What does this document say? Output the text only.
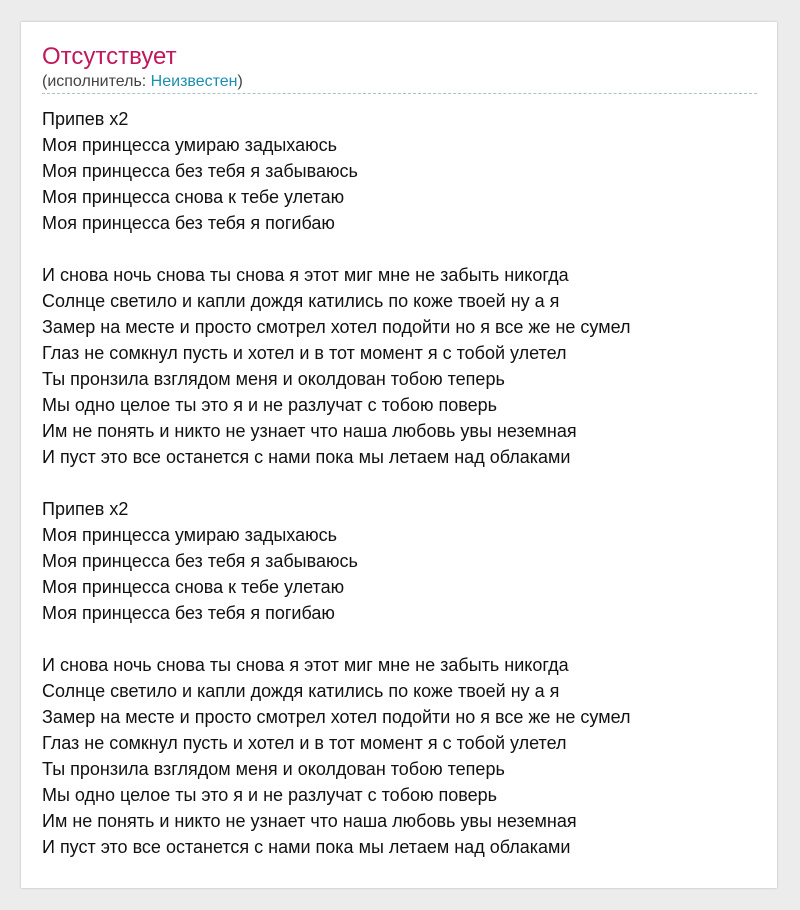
Отсутствует
(исполнитель: Неизвестен)
Припев x2
Моя принцесса умираю задыхаюсь
Моя принцесса без тебя я забываюсь
Моя принцесса снова к тебе улетаю
Моя принцесса без тебя я погибаю
И снова ночь снова ты снова я этот миг мне не забыть никогда
Солнце светило и капли дождя катились по коже твоей ну а я
Замер на месте и просто смотрел хотел подойти но я все же не сумел
Глаз не сомкнул пусть и хотел и в тот момент я с тобой улетел
Ты пронзила взглядом меня и околдован тобою теперь
Мы одно целое ты это я и не разлучат с тобою поверь
Им не понять и никто не узнает что наша любовь увы неземная
И пуст это все останется с нами пока мы летаем над облаками
Припев x2
Моя принцесса умираю задыхаюсь
Моя принцесса без тебя я забываюсь
Моя принцесса снова к тебе улетаю
Моя принцесса без тебя я погибаю
И снова ночь снова ты снова я этот миг мне не забыть никогда
Солнце светило и капли дождя катились по коже твоей ну а я
Замер на месте и просто смотрел хотел подойти но я все же не сумел
Глаз не сомкнул пусть и хотел и в тот момент я с тобой улетел
Ты пронзила взглядом меня и околдован тобою теперь
Мы одно целое ты это я и не разлучат с тобою поверь
Им не понять и никто не узнает что наша любовь увы неземная
И пуст это все останется с нами пока мы летаем над облаками
